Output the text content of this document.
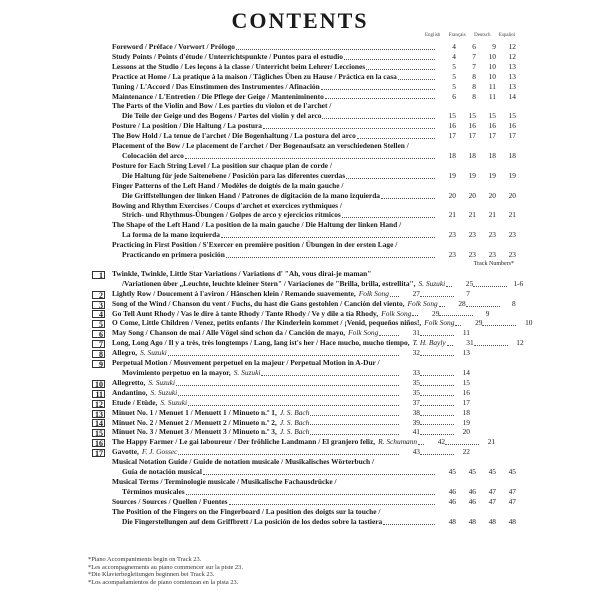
CONTENTS
English Français Deutsch Español
Foreword / Préface / Vorwort / Prólogo	4	6	9	12
Study Points / Points d'étude / Unterrichtspunkte / Puntos para el estudio	4	7	10	12
Lessons at the Studio / Les leçons à la classe / Unterricht beim Lehrer/ Lecciones	5	7	10	13
Practice at Home / La pratique à la maison / Tägliches Üben zu Hause / Práctica en la casa	5	8	10	13
Tuning / L'Accord / Das Einstimmen des Instrumentes / Afinación	5	8	11	13
Maintenance / L'Entretien / Die Pflege der Geige / Manteniminento	6	8	11	14
The Parts of the Violin and Bow / Les parties du violon et de l'archet /
Die Teile der Geige und des Bogens / Partes del violín y del arco	15	15	15	15
Posture / La position / Die Haltung / La postura	16	16	16	16
The Bow Hold / La tenue de l'archet / Die Bogenhaltung / La postura del arco	17	17	17	17
Placement of the Bow / Le placement de l'archet / Der Bogenaufsatz an verschiedenen Stellen /
Colocación del arco	18	18	18	18
Posture for Each String Level / La position sur chaque plan de corde /
Die Haltung für jede Saitenebene / Posición para las diferentes cuerdas	19	19	19	19
Finger Patterns of the Left Hand / Modèles de doigtés de la main gauche /
Die Griffstellungen der linken Hand / Patrones de digitación de la mano izquierda	20	20	20	20
Bowing and Rhythm Exercises / Coups d'archet et exercices rythmiques /
Strich- und Rhythmus-Übungen / Golpes de arco y ejercicios rítmicos	21	21	21	21
The Shape of the Left Hand / La position de la main gauche / Die Haltung der linken Hand /
La forma de la mano izquierda	23	23	23	23
Practicing in First Position / S'Exercer en première position / Übungen in der ersten Lage /
Practicando en primera posición	23	23	23	23
Track Numbers*
1 Twinkle, Twinkle, Little Star Variations / Variations d' "Ah, vous dirai-je maman"
/Variationen über „Leuchte, leuchte kleiner Stern" / Variaciones de "Brilla, brilla, estrellita", S. Suzuki	25	1-6
2 Lightly Row / Doucement à l'aviron / Hänschen klein / Remando suavemente, Folk Song	27	7
3 Song of the Wind / Chanson du vent / Fuchs, du hast die Gans gestohlen / Canción del viento, Folk Song	28	8
4 Go Tell Aunt Rhody / Vas le dire à tante Rhody / Tante Rhody / Ve y dile a tía Rhody, Folk Song	29	9
5 O Come, Little Children / Venez, petits enfants / Ihr Kinderlein kommet / ¡Venid, pequeños niños!, Folk Song	29	10
6 May Song / Chanson de mai / Alle Vögel sind schon da / Canción de mayo, Folk Song	31	11
7 Long, Long Ago / Il y a très, très longtemps / Lang, lang ist's her / Hace mucho, mucho tiempo, T. H. Bayly	31	12
8 Allegro, S. Suzuki	32	13
9 Perpetual Motion / Mouvement perpetuel en la majeur / Perpetual Motion in A-Dur /
Movimiento perpetuo en la mayor, S. Suzuki	33	14
10 Allegretto, S. Suzuki	35	15
11 Andantino, S. Suzuki	35	16
12 Etude / Etüde, S. Suzuki	37	17
13 Minuet No. 1 / Menuet 1 / Menuett 1 / Minueto n.º 1, J. S. Bach	38	18
14 Minuet No. 2 / Menuet 2 / Menuett 2 / Minueto n.º 2, J. S. Bach	39	19
15 Minuet No. 3 / Menuet 3 / Menuett 3 / Minueto n.º 3, J. S. Bach	41	20
16 The Happy Farmer / Le gai laboureur / Der fröhliche Landmann / El granjero feliz, R. Schumann	42	21
17 Gavotte, F. J. Gossec	43	22
Musical Notation Guide / Guide de notation musicale / Musikalisches Wörterbuch /
Guía de notación musical	45	45	45	45
Musical Terms / Terminologie musicale / Musikalische Fachausdrücke /
Términos musicales	46	46	47	47
Sources / Sources / Quellen / Fuentes	46	46	47	47
The Position of the Fingers on the Fingerboard / La position des doigts sur la touche /
Die Fingerstellungen auf dem Griffbrett / La posición de los dedos sobre la tastiera	48	48	48	48
*Piano Accompaniments begin on Track 23.
*Les accompagnements au piano commencer sur la piste 23.
*Die Klavierbegleitungen beginnen bei Track 23.
*Los acompañamientos de piano comienzan en la pista 23.
